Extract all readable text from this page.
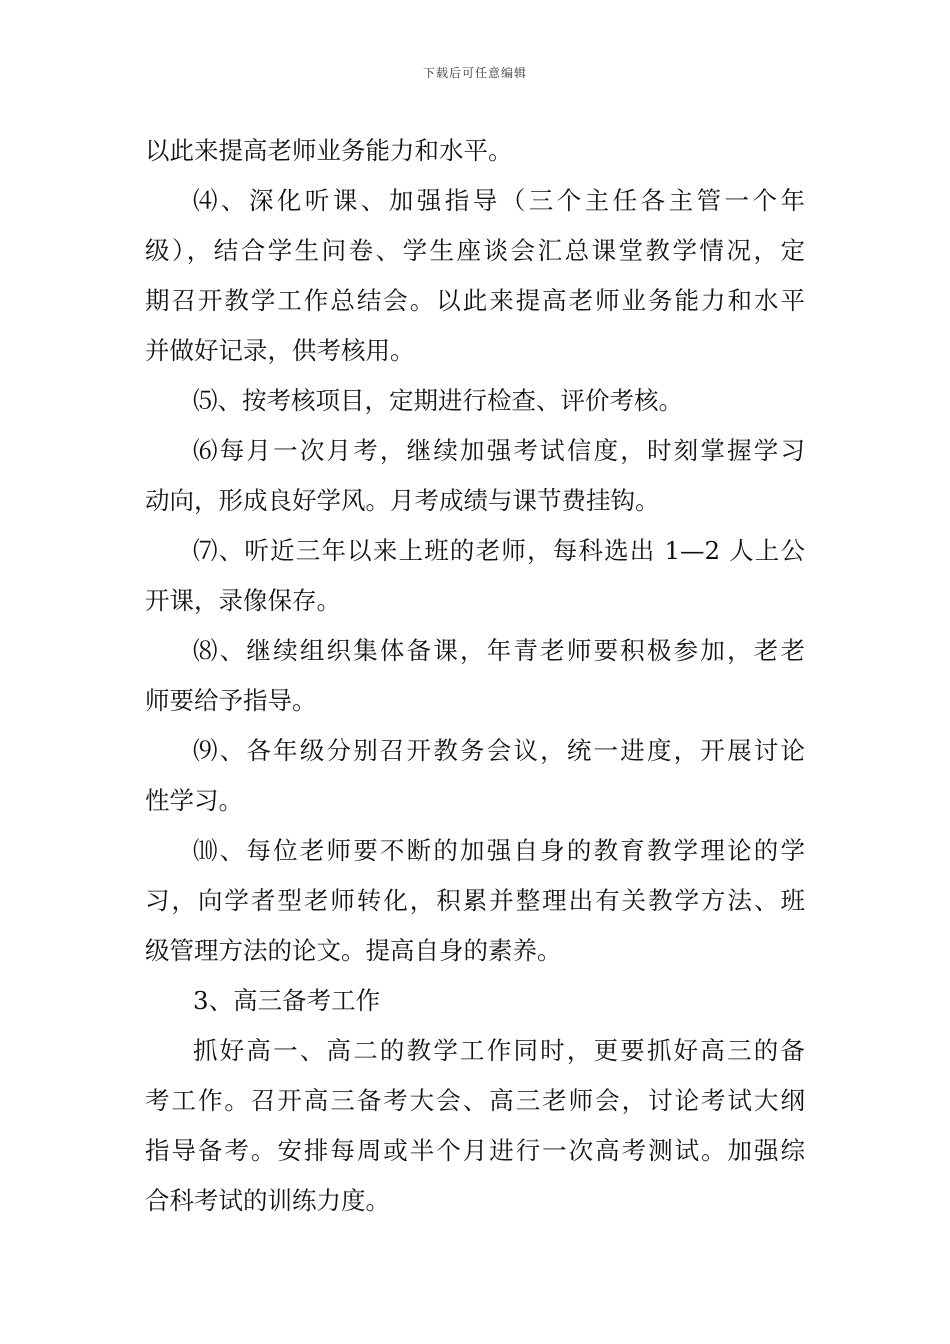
下载后可任意编辑
以此来提高老师业务能力和水平。
⑷、深化听课、加强指导（三个主任各主管一个年
级），结合学生问卷、学生座谈会汇总课堂教学情况，定
期召开教学工作总结会。以此来提高老师业务能力和水平
并做好记录，供考核用。
⑸、按考核项目，定期进行检查、评价考核。
⑹每月一次月考，继续加强考试信度，时刻掌握学习
动向，形成良好学风。月考成绩与课节费挂钩。
⑺、听近三年以来上班的老师，每科选出 1—2 人上公
开课，录像保存。
⑻、继续组织集体备课，年青老师要积极参加，老老
师要给予指导。
⑼、各年级分别召开教务会议，统一进度，开展讨论
性学习。
⑽、每位老师要不断的加强自身的教育教学理论的学
习，向学者型老师转化，积累并整理出有关教学方法、班
级管理方法的论文。提高自身的素养。
3、高三备考工作
抓好高一、高二的教学工作同时，更要抓好高三的备
考工作。召开高三备考大会、高三老师会，讨论考试大纲
指导备考。安排每周或半个月进行一次高考测试。加强综
合科考试的训练力度。
